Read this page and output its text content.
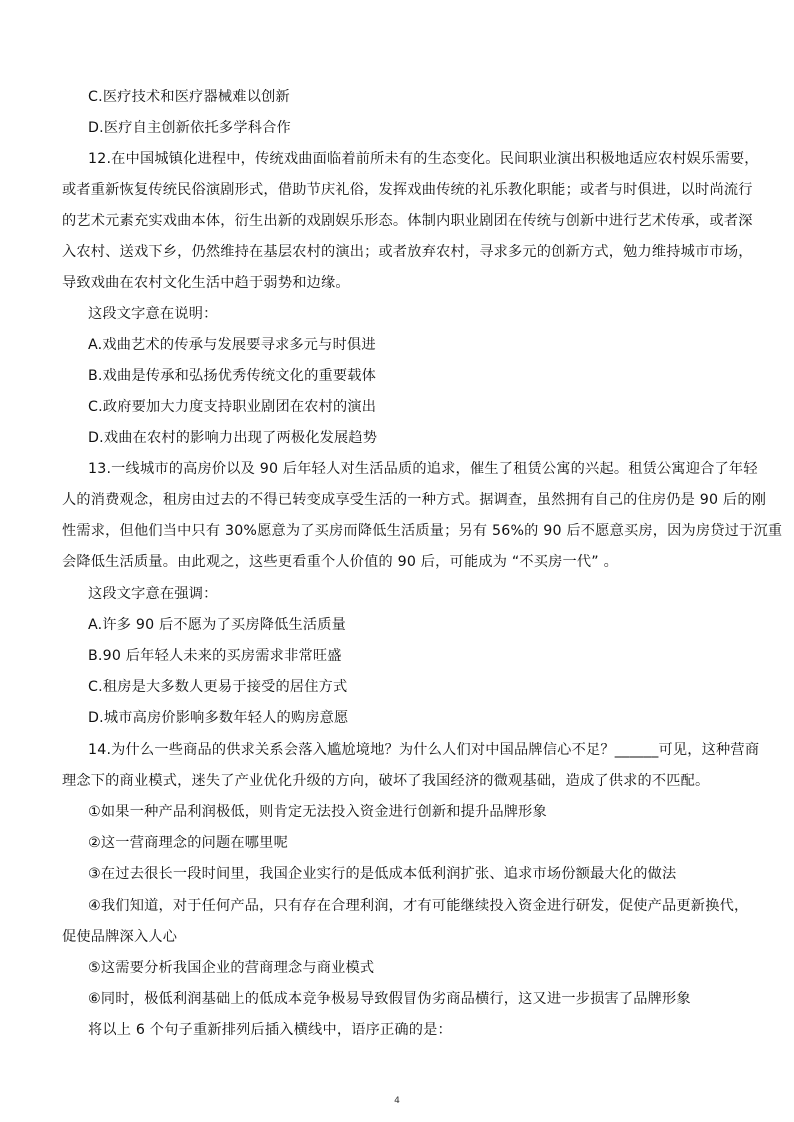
C.医疗技术和医疗器械难以创新
D.医疗自主创新依托多学科合作
12.在中国城镇化进程中，传统戏曲面临着前所未有的生态变化。民间职业演出积极地适应农村娱乐需要，
或者重新恢复传统民俗演剧形式，借助节庆礼俗，发挥戏曲传统的礼乐教化职能；或者与时俱进，以时尚流行
的艺术元素充实戏曲本体，衍生出新的戏剧娱乐形态。体制内职业剧团在传统与创新中进行艺术传承，或者深
入农村、送戏下乡，仍然维持在基层农村的演出；或者放弃农村，寻求多元的创新方式，勉力维持城市市场，
导致戏曲在农村文化生活中趋于弱势和边缘。
这段文字意在说明：
A.戏曲艺术的传承与发展要寻求多元与时俱进
B.戏曲是传承和弘扬优秀传统文化的重要载体
C.政府要加大力度支持职业剧团在农村的演出
D.戏曲在农村的影响力出现了两极化发展趋势
13.一线城市的高房价以及 90 后年轻人对生活品质的追求，催生了租赁公寓的兴起。租赁公寓迎合了年轻
人的消费观念，租房由过去的不得已转变成享受生活的一种方式。据调查，虽然拥有自己的住房仍是 90 后的刚
性需求，但他们当中只有 30%愿意为了买房而降低生活质量；另有 56%的 90 后不愿意买房，因为房贷过于沉重
会降低生活质量。由此观之，这些更看重个人价值的 90 后，可能成为 “不买房一代” 。
这段文字意在强调：
A.许多 90 后不愿为了买房降低生活质量
B.90 后年轻人未来的买房需求非常旺盛
C.租房是大多数人更易于接受的居住方式
D.城市高房价影响多数年轻人的购房意愿
14.为什么一些商品的供求关系会落入尴尬境地？为什么人们对中国品牌信心不足？______可见，这种营商
理念下的商业模式，迷失了产业优化升级的方向，破坏了我国经济的微观基础，造成了供求的不匹配。
①如果一种产品利润极低，则肯定无法投入资金进行创新和提升品牌形象
②这一营商理念的问题在哪里呢
③在过去很长一段时间里，我国企业实行的是低成本低利润扩张、追求市场份额最大化的做法
④我们知道，对于任何产品，只有存在合理利润，才有可能继续投入资金进行研发，促使产品更新换代，
促使品牌深入人心
⑤这需要分析我国企业的营商理念与商业模式
⑥同时，极低利润基础上的低成本竞争极易导致假冒伪劣商品横行，这又进一步损害了品牌形象
将以上 6 个句子重新排列后插入横线中，语序正确的是：
4
